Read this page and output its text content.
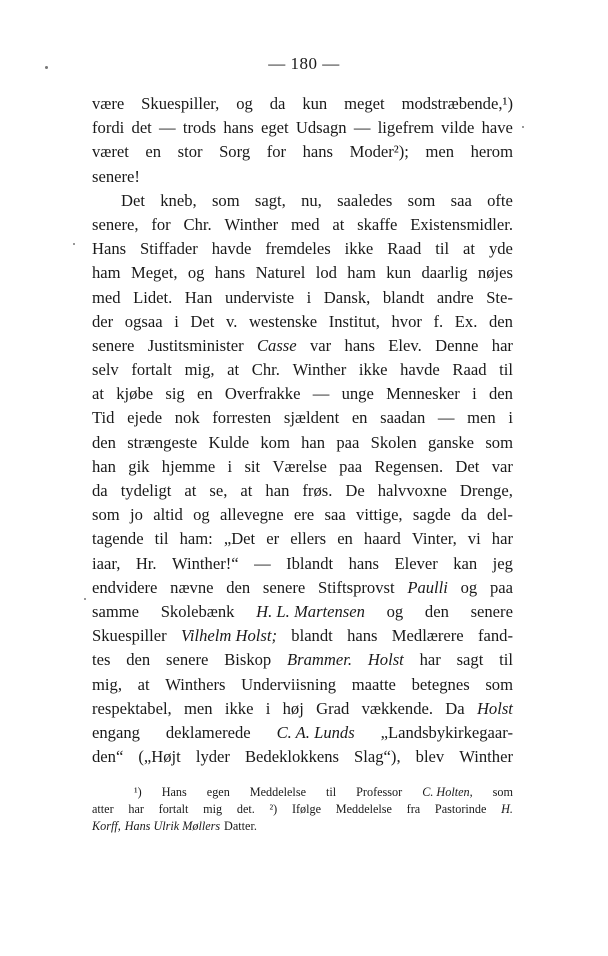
— 180 —
være Skuespiller, og da kun meget modstræbende,¹)
fordi det — trods hans eget Udsagn — ligefrem vilde have
været en stor Sorg for hans Moder²); men herom
senere!
Det kneb, som sagt, nu, saaledes som saa ofte
senere, for Chr. Winther med at skaffe Existensmidler.
Hans Stiffader havde fremdeles ikke Raad til at yde
ham Meget, og hans Naturel lod ham kun daarlig nøjes
med Lidet. Han underviste i Dansk, blandt andre Ste-
der ogsaa i Det v. westenske Institut, hvor f. Ex. den
senere Justitsminister Casse var hans Elev. Denne har
selv fortalt mig, at Chr. Winther ikke havde Raad til
at kjøbe sig en Overfrakke — unge Mennesker i den
Tid ejede nok forresten sjældent en saadan — men i
den strængeste Kulde kom han paa Skolen ganske som
han gik hjemme i sit Værelse paa Regensen. Det var
da tydeligt at se, at han frøs. De halvvoxne Drenge,
som jo altid og allevegne ere saa vittige, sagde da del-
tagende til ham: „Det er ellers en haard Vinter, vi har
iaar, Hr. Winther!“ — Iblandt hans Elever kan jeg
endvidere nævne den senere Stiftsprovst Paulli og paa
samme Skolebænk H. L. Martensen og den senere
Skuespiller Vilhelm Holst; blandt hans Medlærere fand-
tes den senere Biskop Brammer. Holst har sagt til
mig, at Winthers Underviisning maatte betegnes som
respektabel, men ikke i høj Grad vækkende. Da Holst
engang deklamerede C. A. Lunds „Landsbykirkegaar-
den“ („Højt lyder Bedeklokkens Slag“), blev Winther
¹) Hans egen Meddelelse til Professor C. Holten, som
atter har fortalt mig det. ²) Ifølge Meddelelse fra Pastorinde H.
Korff, Hans Ulrik Møllers Datter.
